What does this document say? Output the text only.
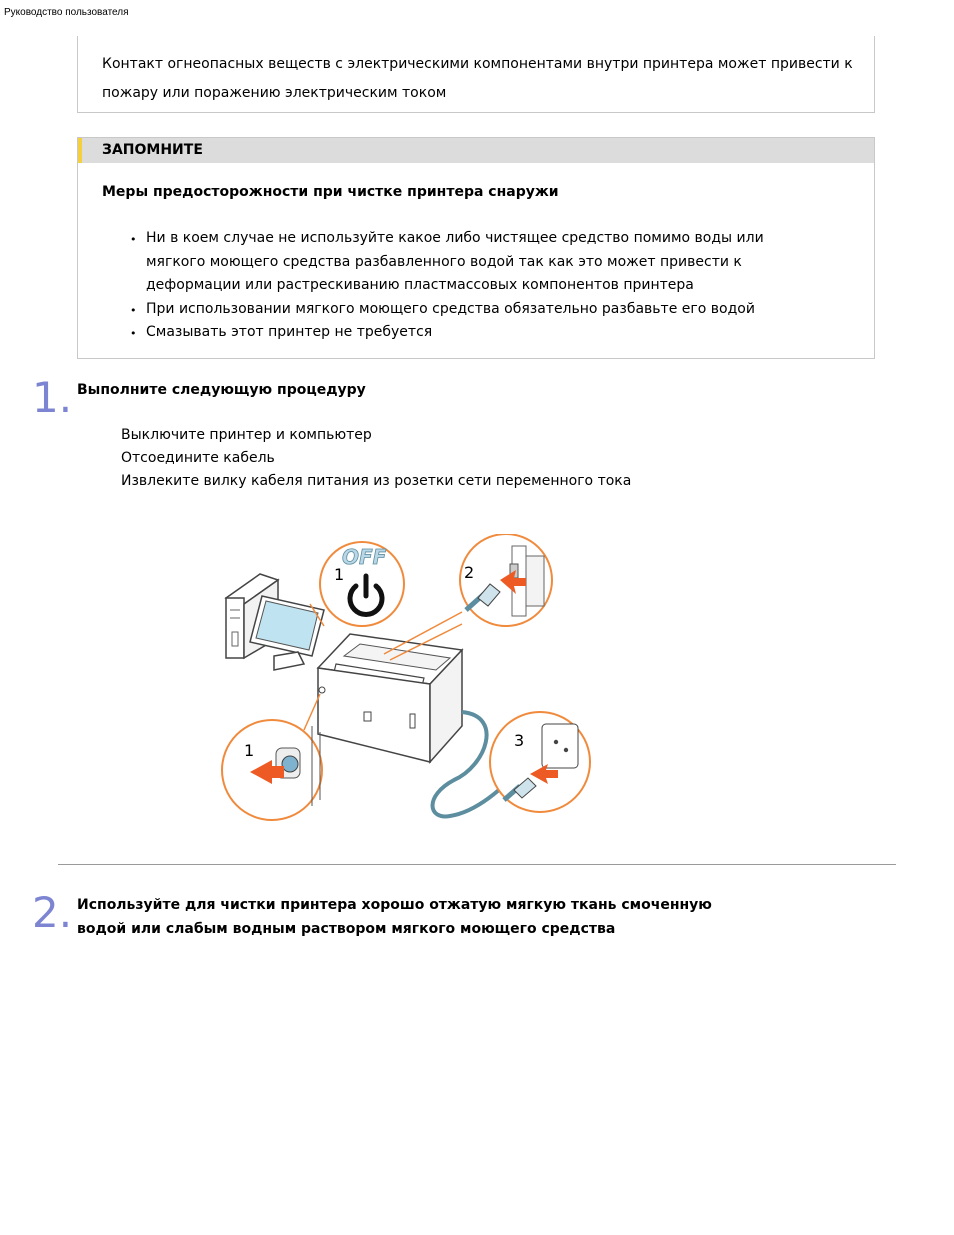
Руководство пользователя
Контакт огнеопасных веществ с электрическими компонентами внутри принтера может привести к пожару или поражению электрическим током
ЗАПОМНИТЕ
Меры предосторожности при чистке принтера снаружи
• Ни в коем случае не используйте какое либо чистящее средство помимо воды или мягкого моющего средства разбавленного водой так как это может привести к деформации или растрескиванию пластмассовых компонентов принтера
• При использовании мягкого моющего средства обязательно разбавьте его водой
• Смазывать этот принтер не требуется
1. Выполните следующую процедуру
Выключите принтер и компьютер
Отсоедините кабель
Извлеките вилку кабеля питания из розетки сети переменного тока
1
OFF
2
1
3
2. Используйте для чистки принтера хорошо отжатую мягкую ткань смоченную
водой или слабым водным раствором мягкого моющего средства
